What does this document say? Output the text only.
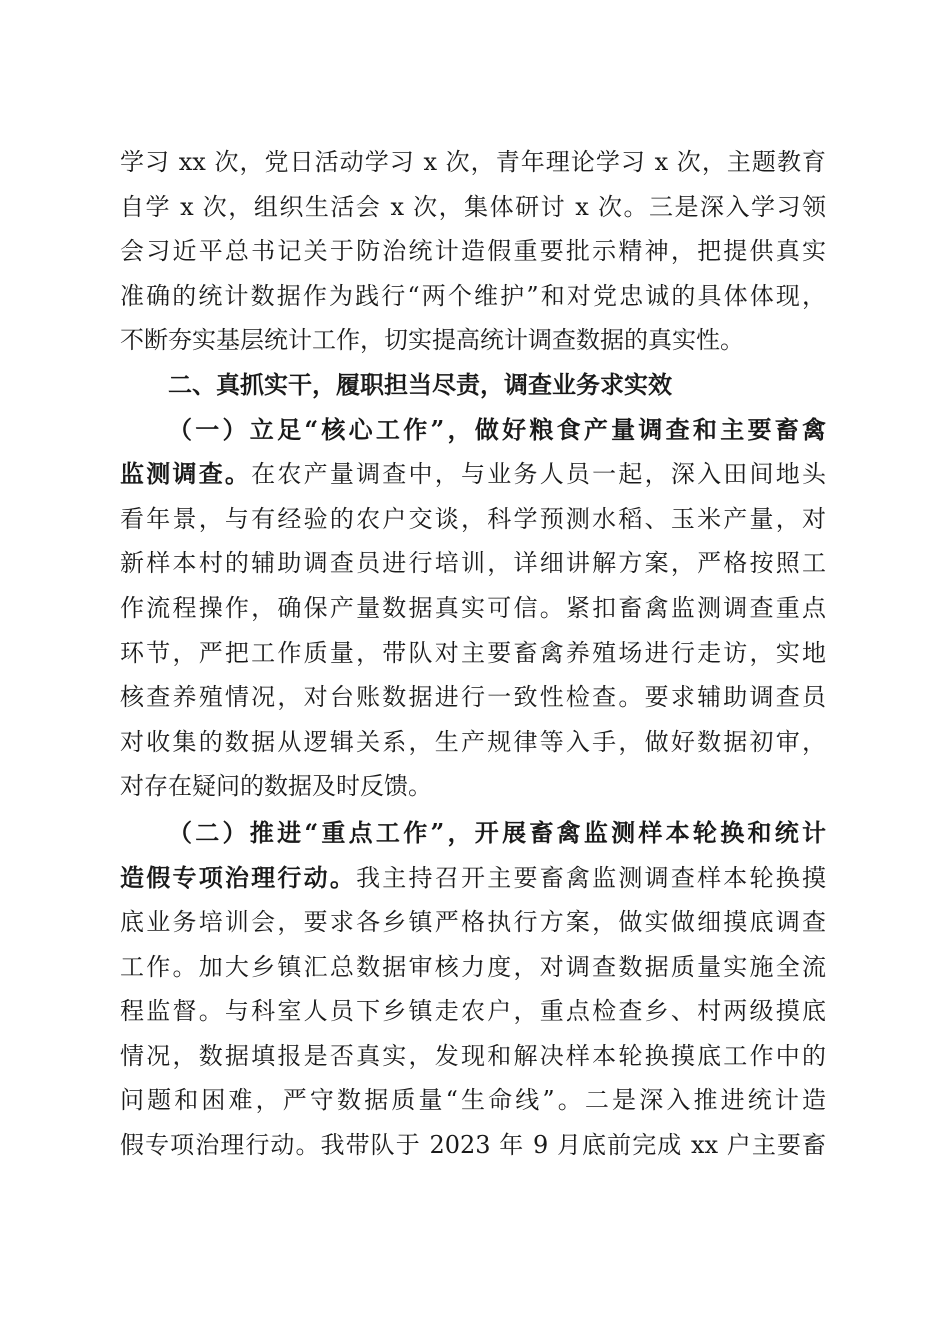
学习 xx 次，党日活动学习 x 次，青年理论学习 x 次，主题教育
自学 x 次，组织生活会 x 次，集体研讨 x 次。三是深入学习领
会习近平总书记关于防治统计造假重要批示精神，把提供真实
准确的统计数据作为践行“两个维护”和对党忠诚的具体体现，
不断夯实基层统计工作，切实提高统计调查数据的真实性。
二、真抓实干，履职担当尽责，调查业务求实效
（一）立足“核心工作”，做好粮食产量调查和主要畜禽
监测调查。在农产量调查中，与业务人员一起，深入田间地头
看年景，与有经验的农户交谈，科学预测水稻、玉米产量，对
新样本村的辅助调查员进行培训，详细讲解方案，严格按照工
作流程操作，确保产量数据真实可信。紧扣畜禽监测调查重点
环节，严把工作质量，带队对主要畜禽养殖场进行走访，实地
核查养殖情况，对台账数据进行一致性检查。要求辅助调查员
对收集的数据从逻辑关系，生产规律等入手，做好数据初审，
对存在疑问的数据及时反馈。
（二）推进“重点工作”，开展畜禽监测样本轮换和统计
造假专项治理行动。我主持召开主要畜禽监测调查样本轮换摸
底业务培训会，要求各乡镇严格执行方案，做实做细摸底调查
工作。加大乡镇汇总数据审核力度，对调查数据质量实施全流
程监督。与科室人员下乡镇走农户，重点检查乡、村两级摸底
情况，数据填报是否真实，发现和解决样本轮换摸底工作中的
问题和困难，严守数据质量“生命线”。二是深入推进统计造
假专项治理行动。我带队于 2023 年 9 月底前完成 xx 户主要畜
